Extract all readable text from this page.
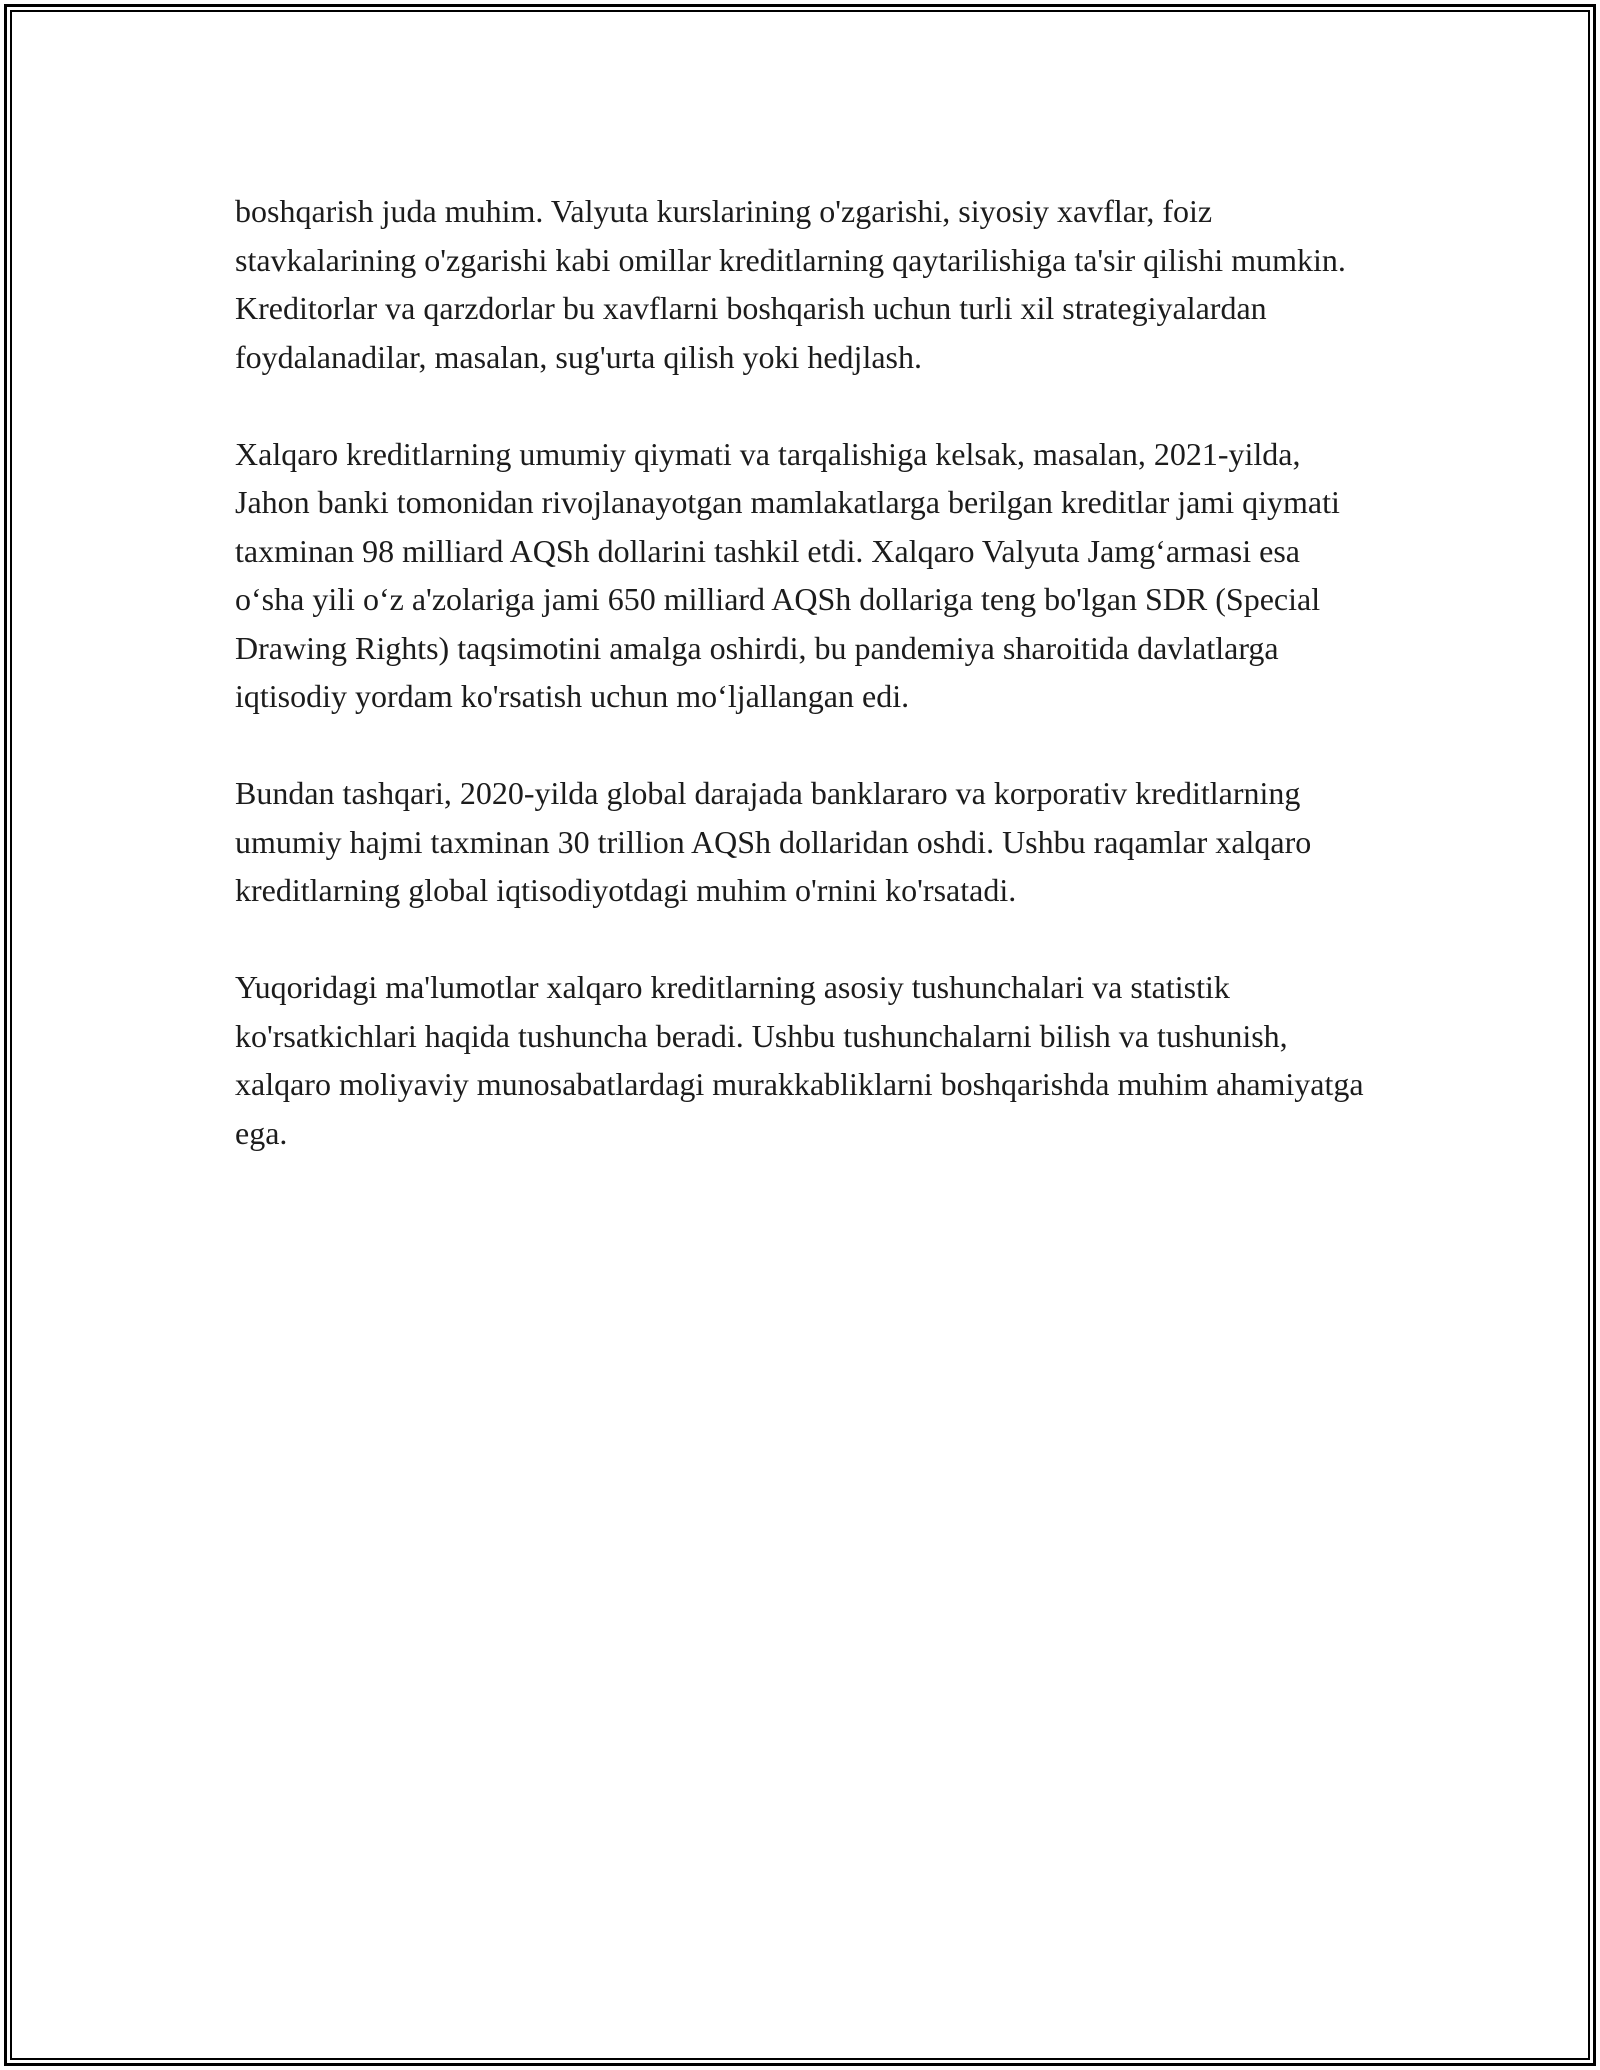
boshqarish juda muhim. Valyuta kurslarining o'zgarishi, siyosiy xavflar, foiz stavkalarining o'zgarishi kabi omillar kreditlarning qaytarilishiga ta'sir qilishi mumkin. Kreditorlar va qarzdorlar bu xavflarni boshqarish uchun turli xil strategiyalardan foydalanadilar, masalan, sug'urta qilish yoki hedjlash.

Xalqaro kreditlarning umumiy qiymati va tarqalishiga kelsak, masalan, 2021-yilda, Jahon banki tomonidan rivojlanayotgan mamlakatlarga berilgan kreditlar jami qiymati taxminan 98 milliard AQSh dollarini tashkil etdi. Xalqaro Valyuta Jamg‘armasi esa o‘sha yili o‘z a'zolariga jami 650 milliard AQSh dollariga teng bo'lgan SDR (Special Drawing Rights) taqsimotini amalga oshirdi, bu pandemiya sharoitida davlatlarga iqtisodiy yordam ko'rsatish uchun mo‘ljallangan edi.

Bundan tashqari, 2020-yilda global darajada banklararo va korporativ kreditlarning umumiy hajmi taxminan 30 trillion AQSh dollaridan oshdi. Ushbu raqamlar xalqaro kreditlarning global iqtisodiyotdagi muhim o'rnini ko'rsatadi.

Yuqoridagi ma'lumotlar xalqaro kreditlarning asosiy tushunchalari va statistik ko'rsatkichlari haqida tushuncha beradi. Ushbu tushunchalarni bilish va tushunish, xalqaro moliyaviy munosabatlardagi murakkabliklarni boshqarishda muhim ahamiyatga ega.
